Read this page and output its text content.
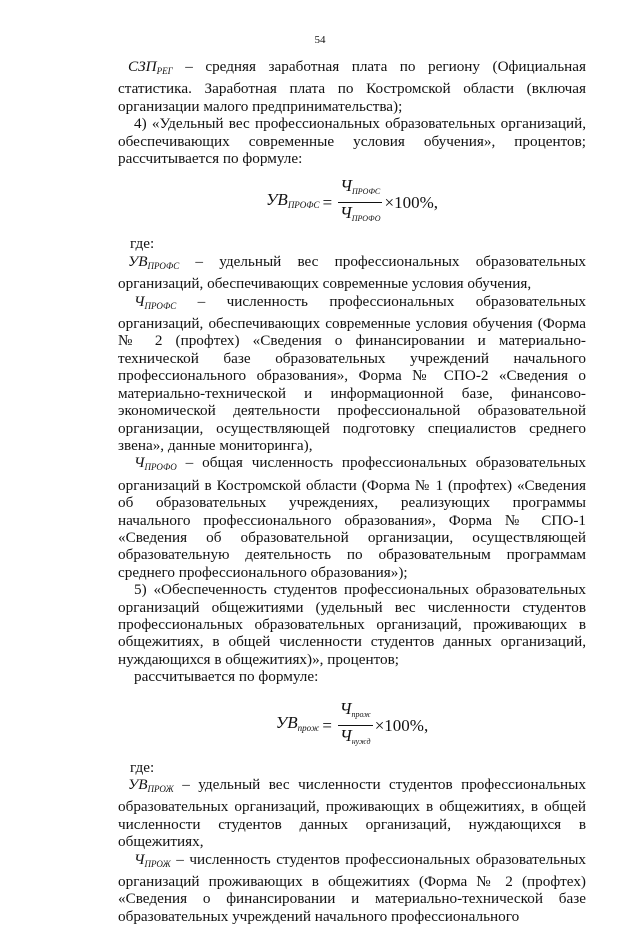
54

$СЗП_{РЕГ}$ – средняя заработная плата по региону (Официальная статистика. Заработная плата по Костромской области (включая организации малого предпринимательства);

4) «Удельный вес профессиональных образовательных организаций, обеспечивающих современные условия обучения», процентов; рассчитывается по формуле:

$УВ_{ПРОФС} = \frac{Ч_{ПРОФС}}{Ч_{ПРОФО}} \times 100\%$,

где:

$УВ_{ПРОФС}$ – удельный вес профессиональных образовательных организаций, обеспечивающих современные условия обучения,

$Ч_{ПРОФС}$ – численность профессиональных образовательных организаций, обеспечивающих современные условия обучения (Форма № 2 (профтех) «Сведения о финансировании и материально-технической базе образовательных учреждений начального профессионального образования», Форма № СПО-2 «Сведения о материально-технической и информационной базе, финансово-экономической деятельности профессиональной образовательной организации, осуществляющей подготовку специалистов среднего звена», данные мониторинга),

$Ч_{ПРОФО}$ – общая численность профессиональных образовательных организаций в Костромской области (Форма № 1 (профтех) «Сведения об образовательных учреждениях, реализующих программы начального профессионального образования», Форма № СПО-1 «Сведения об образовательной организации, осуществляющей образовательную деятельность по образовательным программам среднего профессионального образования»);

5) «Обеспеченность студентов профессиональных образовательных организаций общежитиями (удельный вес численности студентов профессиональных образовательных организаций, проживающих в общежитиях, в общей численности студентов данных организаций, нуждающихся в общежитиях)», процентов;

рассчитывается по формуле:

$УВ_{прож} = \frac{Ч_{прож}}{Ч_{нужд}} \times 100\%$,

где:

$УВ_{ПРОЖ}$ – удельный вес численности студентов профессиональных образовательных организаций, проживающих в общежитиях, в общей численности студентов данных организаций, нуждающихся в общежитиях,

$Ч_{ПРОЖ}$ – численность студентов профессиональных образовательных организаций проживающих в общежитиях (Форма № 2 (профтех) «Сведения о финансировании и материально-технической базе образовательных учреждений начального профессионального
